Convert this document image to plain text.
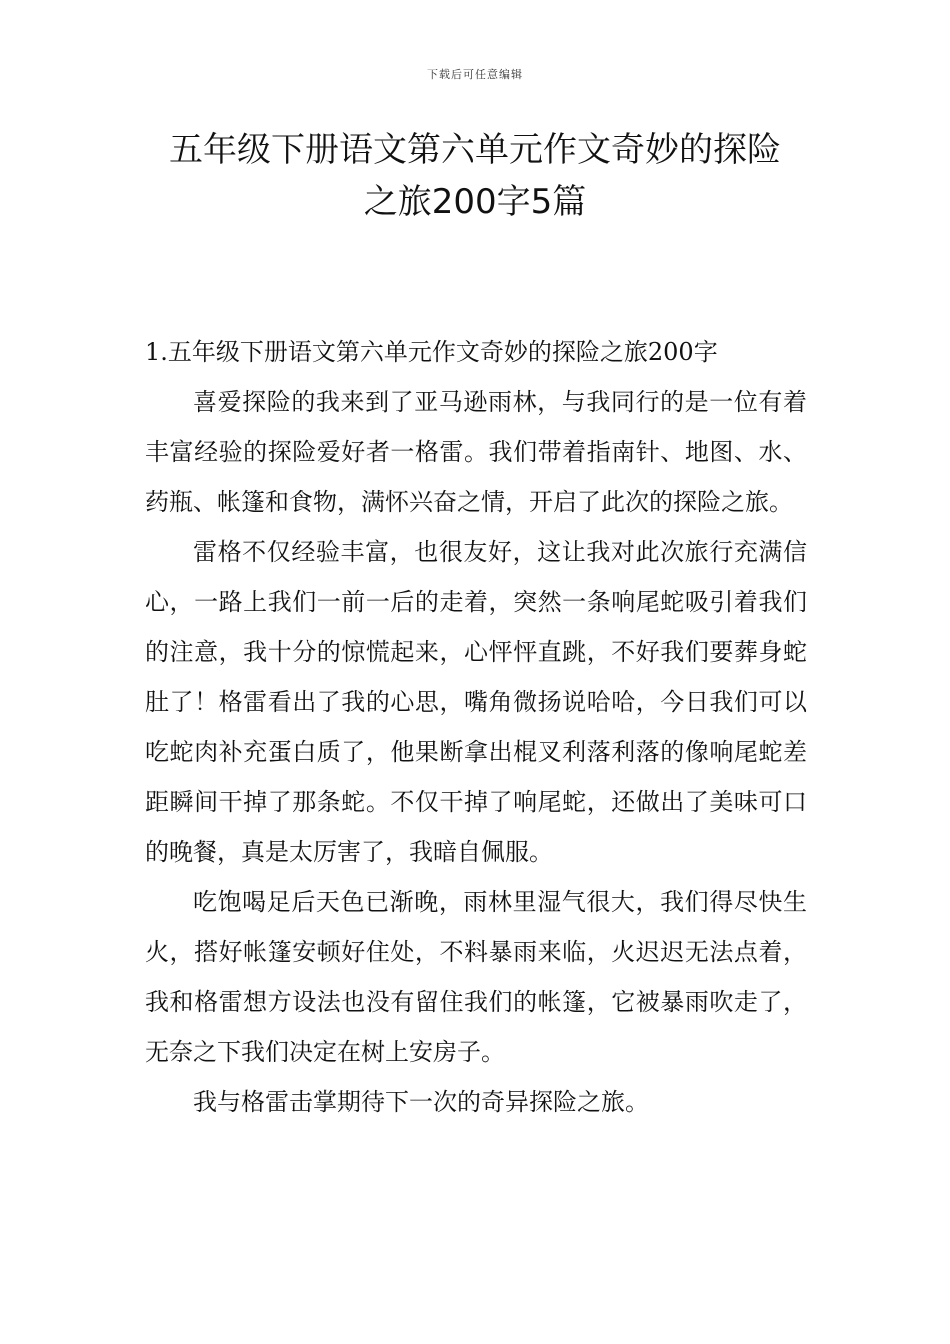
下载后可任意编辑
五年级下册语文第六单元作文奇妙的探险
之旅200字5篇

1.五年级下册语文第六单元作文奇妙的探险之旅200字

喜爱探险的我来到了亚马逊雨林，与我同行的是一位有着丰富经验的探险爱好者一格雷。我们带着指南针、地图、水、药瓶、帐篷和食物，满怀兴奋之情，开启了此次的探险之旅。

雷格不仅经验丰富，也很友好，这让我对此次旅行充满信心，一路上我们一前一后的走着，突然一条响尾蛇吸引着我们的注意，我十分的惊慌起来，心怦怦直跳，不好我们要葬身蛇肚了！格雷看出了我的心思，嘴角微扬说哈哈，今日我们可以吃蛇肉补充蛋白质了，他果断拿出棍叉利落利落的像响尾蛇差距瞬间干掉了那条蛇。不仅干掉了响尾蛇，还做出了美味可口的晚餐，真是太厉害了，我暗自佩服。

吃饱喝足后天色已渐晚，雨林里湿气很大，我们得尽快生火，搭好帐篷安顿好住处，不料暴雨来临，火迟迟无法点着，我和格雷想方设法也没有留住我们的帐篷，它被暴雨吹走了，无奈之下我们决定在树上安房子。

我与格雷击掌期待下一次的奇异探险之旅。
